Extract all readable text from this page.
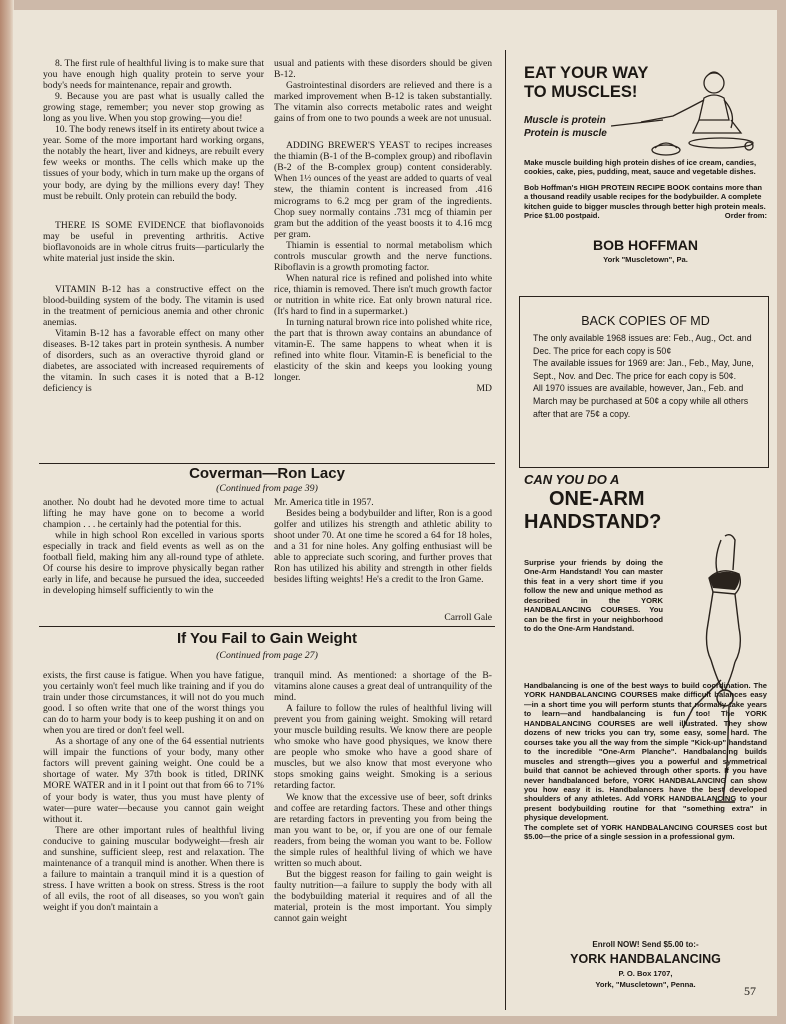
8. The first rule of healthful living is to make sure that you have enough high quality protein to serve your body's needs for maintenance, repair and growth.

9. Because you are past what is usually called the growing stage, remember; you never stop growing as long as you live. When you stop growing—you die!

10. The body renews itself in its entirety about twice a year. Some of the more important hard working organs, the notably the heart, liver and kidneys, are rebuilt every few weeks or months. The cells which make up the tissues of your body, which in turn make up the organs of your body, are dying by the millions every day! They must be rebuilt. Only protein can rebuild the body.

THERE IS SOME EVIDENCE that bioflavonoids may be useful in preventing arthritis. Active bioflavonoids are in whole citrus fruits—particularly the white material just inside the skin.

VITAMIN B-12 has a constructive effect on the blood-building system of the body. The vitamin is used in the treatment of pernicious anemia and other chronic anemias.

Vitamin B-12 has a favorable effect on many other diseases. B-12 takes part in protein synthesis. A number of disorders, such as an overactive thyroid gland or diabetes, are associated with increased requirements of the vitamin. In such cases it is noted that a B-12 deficiency is

usual and patients with these disorders should be given B-12.

Gastrointestinal disorders are relieved and there is a marked improvement when B-12 is taken substantially. The vitamin also corrects metabolic rates and weight gains of from one to two pounds a week are not unusual.

ADDING BREWER'S YEAST to recipes increases the thiamin (B-1 of the B-complex group) and riboflavin (B-2 of the B-complex group) content considerably. When 1½ ounces of the yeast are added to quarts of veal stew, the thiamin content is increased from .416 micrograms to 6.2 mcg per gram of the ingredients. Chop suey normally contains .731 mcg of thiamin per gram but the addition of the yeast boosts it to 4.16 mcg per gram.

Thiamin is essential to normal metabolism which controls muscular growth and the nerve functions. Riboflavin is a growth promoting factor.

When natural rice is refined and polished into white rice, thiamin is removed. There isn't much growth factor or nutrition in white rice. Eat only brown natural rice. (It's hard to find in a supermarket.)

In turning natural brown rice into polished white rice, the part that is thrown away contains an abundance of vitamin-E. The same happens to wheat when it is refined into white flour. Vitamin-E is beneficial to the elasticity of the skin and keeps you looking young longer.

MD

Coverman—Ron Lacy
(Continued from page 39)

another. No doubt had he devoted more time to actual lifting he may have gone on to become a world champion . . . he certainly had the potential for this.

while in high school Ron excelled in various sports especially in track and field events as well as on the football field, making him any all-round type of athlete. Of course his desire to improve physically began rather early in life, and because he pursued the idea, succeeded in developing himself sufficiently to win the

Mr. America title in 1957.

Besides being a bodybuilder and lifter, Ron is a good golfer and utilizes his strength and athletic ability to shoot under 70. At one time he scored a 64 for 18 holes, and a 31 for nine holes. Any golfing enthusiast will be able to appreciate such scoring, and further proves that Ron has utilized his ability and strength in other fields besides lifting weights! He's a credit to the Iron Game.

Carroll Gale
If You Fail to Gain Weight
(Continued from page 27)

exists, the first cause is fatigue. When you have fatigue, you certainly won't feel much like training and if you do train under those circumstances, it will not do you much good. I so often write that one of the worst things you can do to harm your body is to keep pushing it on and on when you are tired or don't feel well.

As a shortage of any one of the 64 essential nutrients will impair the functions of your body, many other factors will prevent gaining weight. One could be a shortage of water. My 37th book is titled, DRINK MORE WATER and in it I point out that from 66 to 71% of your body is water, thus you must have plenty of water—pure water—because you cannot gain weight without it.

There are other important rules of healthful living conducive to gaining muscular bodyweight—fresh air and sunshine, sufficient sleep, rest and relaxation. The maintenance of a tranquil mind is another. When there is a failure to maintain a tranquil mind it is a question of stress. I have written a book on stress. Stress is the root of all evils, the root of all diseases, so you won't gain weight if you don't maintain a

tranquil mind. As mentioned: a shortage of the B-vitamins alone causes a great deal of untranquility of the mind.

A failure to follow the rules of healthful living will prevent you from gaining weight. Smoking will retard your muscle building results. We know there are people who smoke who have good physiques, we know there are people who smoke who have a good share of muscles, but we also know that most everyone who stops smoking gains weight. Smoking is a serious retarding factor.

We know that the excessive use of beer, soft drinks and coffee are retarding factors. These and other things are retarding factors in preventing you from being the man you want to be, or, if you are one of our female readers, from being the woman you want to be. Follow the simple rules of healthful living of which we have written so much about.

But the biggest reason for failing to gain weight is faulty nutrition—a failure to supply the body with all the bodybuilding material it requires and of all the material, protein is the most important. You simply cannot gain weight

EAT YOUR WAY
TO MUSCLES!
Muscle is protein
Protein is muscle
Make muscle building high protein dishes of ice cream, candies, cookies, cake, pies, pudding, meat, sauce and vegetable dishes.
Bob Hoffman's HIGH PROTEIN RECIPE BOOK contains more than a thousand readily usable recipes for the bodybuilder. A complete kitchen guide to bigger muscles through better high protein meals.
Price $1.00 postpaid.	Order from:
BOB HOFFMAN
York "Muscletown", Pa.
BACK COPIES OF MD

The only available 1968 issues are: Feb., Aug., Oct. and Dec. The price for each copy is 50¢

The available issues for 1969 are: Jan., Feb., May, June, Sept., Nov. and Dec. The price for each copy is 50¢.

All 1970 issues are available, however, Jan., Feb. and March may be purchased at 50¢ a copy while all others after that are 75¢ a copy.

CAN YOU DO A
ONE-ARM
HANDSTAND?
Surprise your friends by doing the One-Arm Handstand! You can master this feat in a very short time if you follow the new and unique method as described in the YORK HANDBALANCING COURSES. You can be the first in your neighborhood to do the One-Arm Handstand.
Handbalancing is one of the best ways to build coordination. The YORK HANDBALANCING COURSES make difficult balances easy—in a short time you will perform stunts that normally take years to learn—and handbalancing is fun too! The YORK HANDBALANCING COURSES are well illustrated. They show dozens of new tricks you can try, some easy, some hard. The courses take you all the way from the simple "Kick-up" handstand to the incredible "One-Arm Planche". Handbalancing builds muscles and strength—gives you a powerful and symmetrical build that cannot be achieved through other sports. If you have never handbalanced before, YORK HANDBALANCING can show you how easy it is. Handbalancers have the best developed shoulders of any athletes. Add YORK HANDBALANCING to your present bodybuilding routine for that "something extra" in physique development.
The complete set of YORK HANDBALANCING COURSES cost but $5.00—the price of a single session in a professional gym.
Enroll NOW! Send $5.00 to:-
YORK HANDBALANCING
P. O. Box 1707,
York, "Muscletown", Penna.	57
